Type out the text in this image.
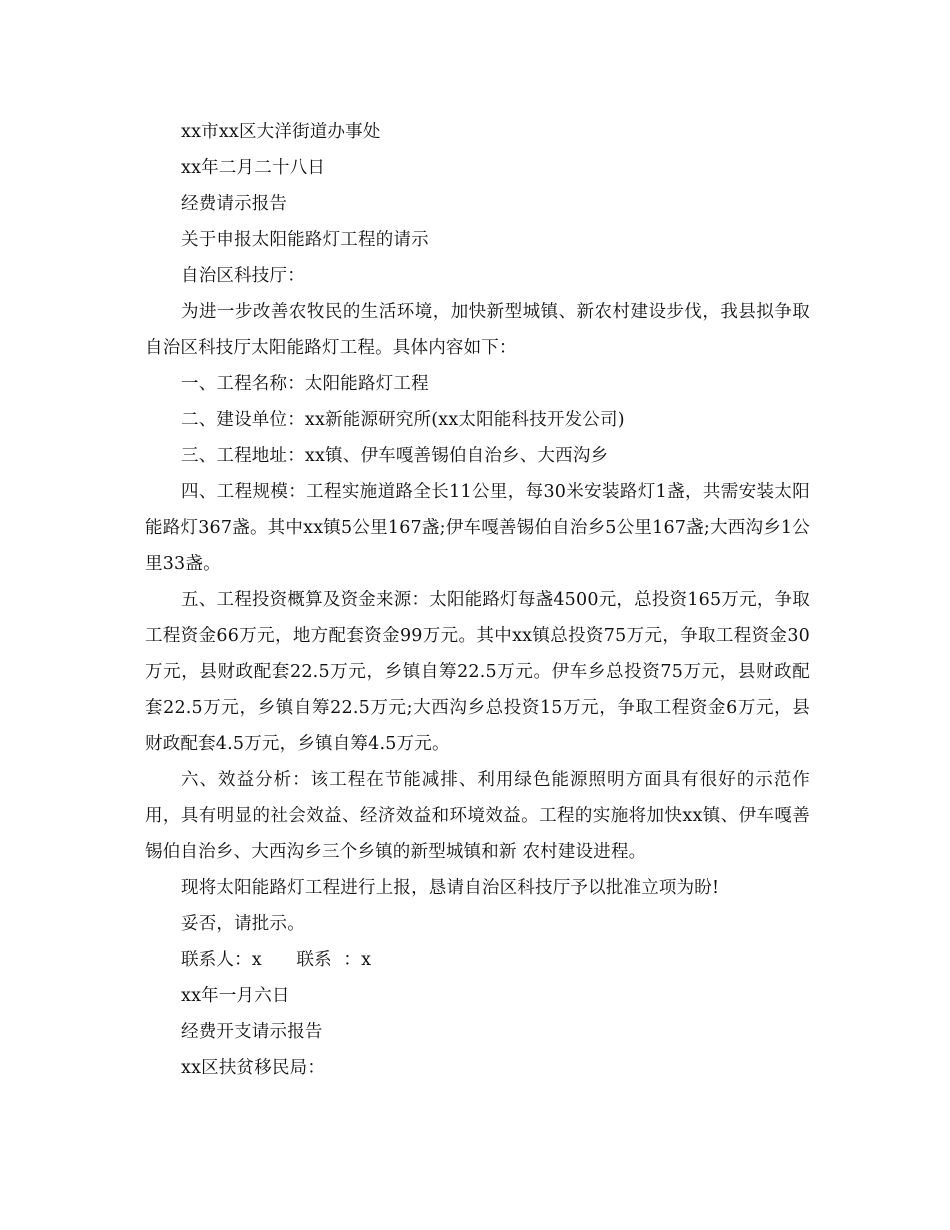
xx市xx区大洋街道办事处

xx年二月二十八日

经费请示报告

关于申报太阳能路灯工程的请示

自治区科技厅：

为进一步改善农牧民的生活环境，加快新型城镇、新农村建设步伐，我县拟争取自治区科技厅太阳能路灯工程。具体内容如下：

一、工程名称：太阳能路灯工程

二、建设单位：xx新能源研究所(xx太阳能科技开发公司)

三、工程地址：xx镇、伊车嘎善锡伯自治乡、大西沟乡

四、工程规模：工程实施道路全长11公里，每30米安装路灯1盏，共需安装太阳能路灯367盏。其中xx镇5公里167盏;伊车嘎善锡伯自治乡5公里167盏;大西沟乡1公里33盏。

五、工程投资概算及资金来源：太阳能路灯每盏4500元，总投资165万元，争取工程资金66万元，地方配套资金99万元。其中xx镇总投资75万元，争取工程资金30万元，县财政配套22.5万元，乡镇自筹22.5万元。伊车乡总投资75万元，县财政配套22.5万元，乡镇自筹22.5万元;大西沟乡总投资15万元，争取工程资金6万元，县财政配套4.5万元，乡镇自筹4.5万元。

六、效益分析：该工程在节能减排、利用绿色能源照明方面具有很好的示范作用，具有明显的社会效益、经济效益和环境效益。工程的实施将加快xx镇、伊车嘎善锡伯自治乡、大西沟乡三个乡镇的新型城镇和新 农村建设进程。

现将太阳能路灯工程进行上报，恳请自治区科技厅予以批准立项为盼!

妥否，请批示。

联系人：x      联系  ：x

xx年一月六日

经费开支请示报告

xx区扶贫移民局：
